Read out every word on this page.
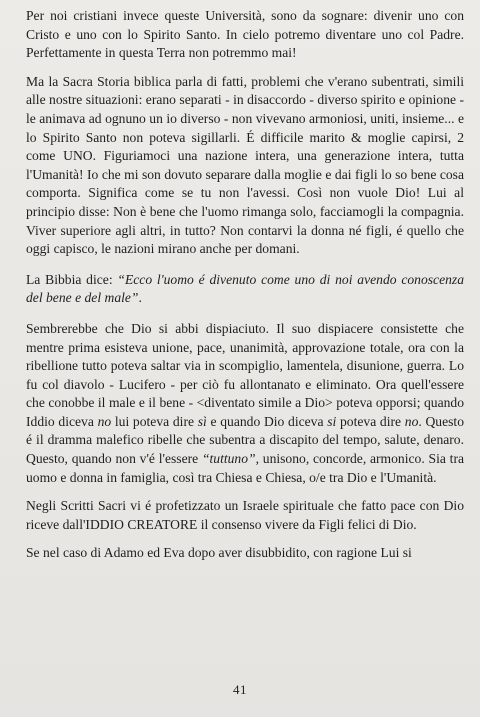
Per noi cristiani invece queste Università, sono da sognare: divenir uno con Cristo e uno con lo Spirito Santo. In cielo potremo diventare uno col Padre. Perfettamente in questa Terra non potremmo mai!

Ma la Sacra Storia biblica parla di fatti, problemi che v'erano subentrati, simili alle nostre situazioni: erano separati - in disaccordo - diverso spirito e opinione - le animava ad ognuno un io diverso - non vivevano armoniosi, uniti, insieme... e lo Spirito Santo non poteva sigillarli. É difficile marito & moglie capirsi, 2 come UNO. Figuriamoci una nazione intera, una generazione intera, tutta l'Umanità! Io che mi son dovuto separare dalla moglie e dai figli lo so bene cosa comporta. Significa come se tu non l'avessi. Così non vuole Dio! Lui al principio disse: Non è bene che l'uomo rimanga solo, facciamogli la compagnia. Viver superiore agli altri, in tutto? Non contarvi la donna né figli, é quello che oggi capisco, le nazioni mirano anche per domani.

La Bibbia dice: “Ecco l'uomo é divenuto come uno di noi avendo conoscenza del bene e del male”.

Sembrerebbe che Dio si abbi dispiaciuto. Il suo dispiacere consistette che mentre prima esisteva unione, pace, unanimità, approvazione totale, ora con la ribellione tutto poteva saltar via in scompiglio, lamentela, disunione, guerra. Lo fu col diavolo - Lucifero - per ciò fu allontanato e eliminato. Ora quell'essere che conobbe il male e il bene - <diventato simile a Dio> poteva opporsi; quando Iddio diceva no lui poteva dire sì e quando Dio diceva si poteva dire no. Questo é il dramma malefico ribelle che subentra a discapito del tempo, salute, denaro. Questo, quando non v'é l'essere “tuttuno”, unisono, concorde, armonico. Sia tra uomo e donna in famiglia, così tra Chiesa e Chiesa, o/e tra Dio e l'Umanità.

Negli Scritti Sacri vi é profetizzato un Israele spirituale che fatto pace con Dio riceve dall'IDDIO CREATORE il consenso vivere da Figli felici di Dio.

Se nel caso di Adamo ed Eva dopo aver disubbidito, con ragione Lui si

41
